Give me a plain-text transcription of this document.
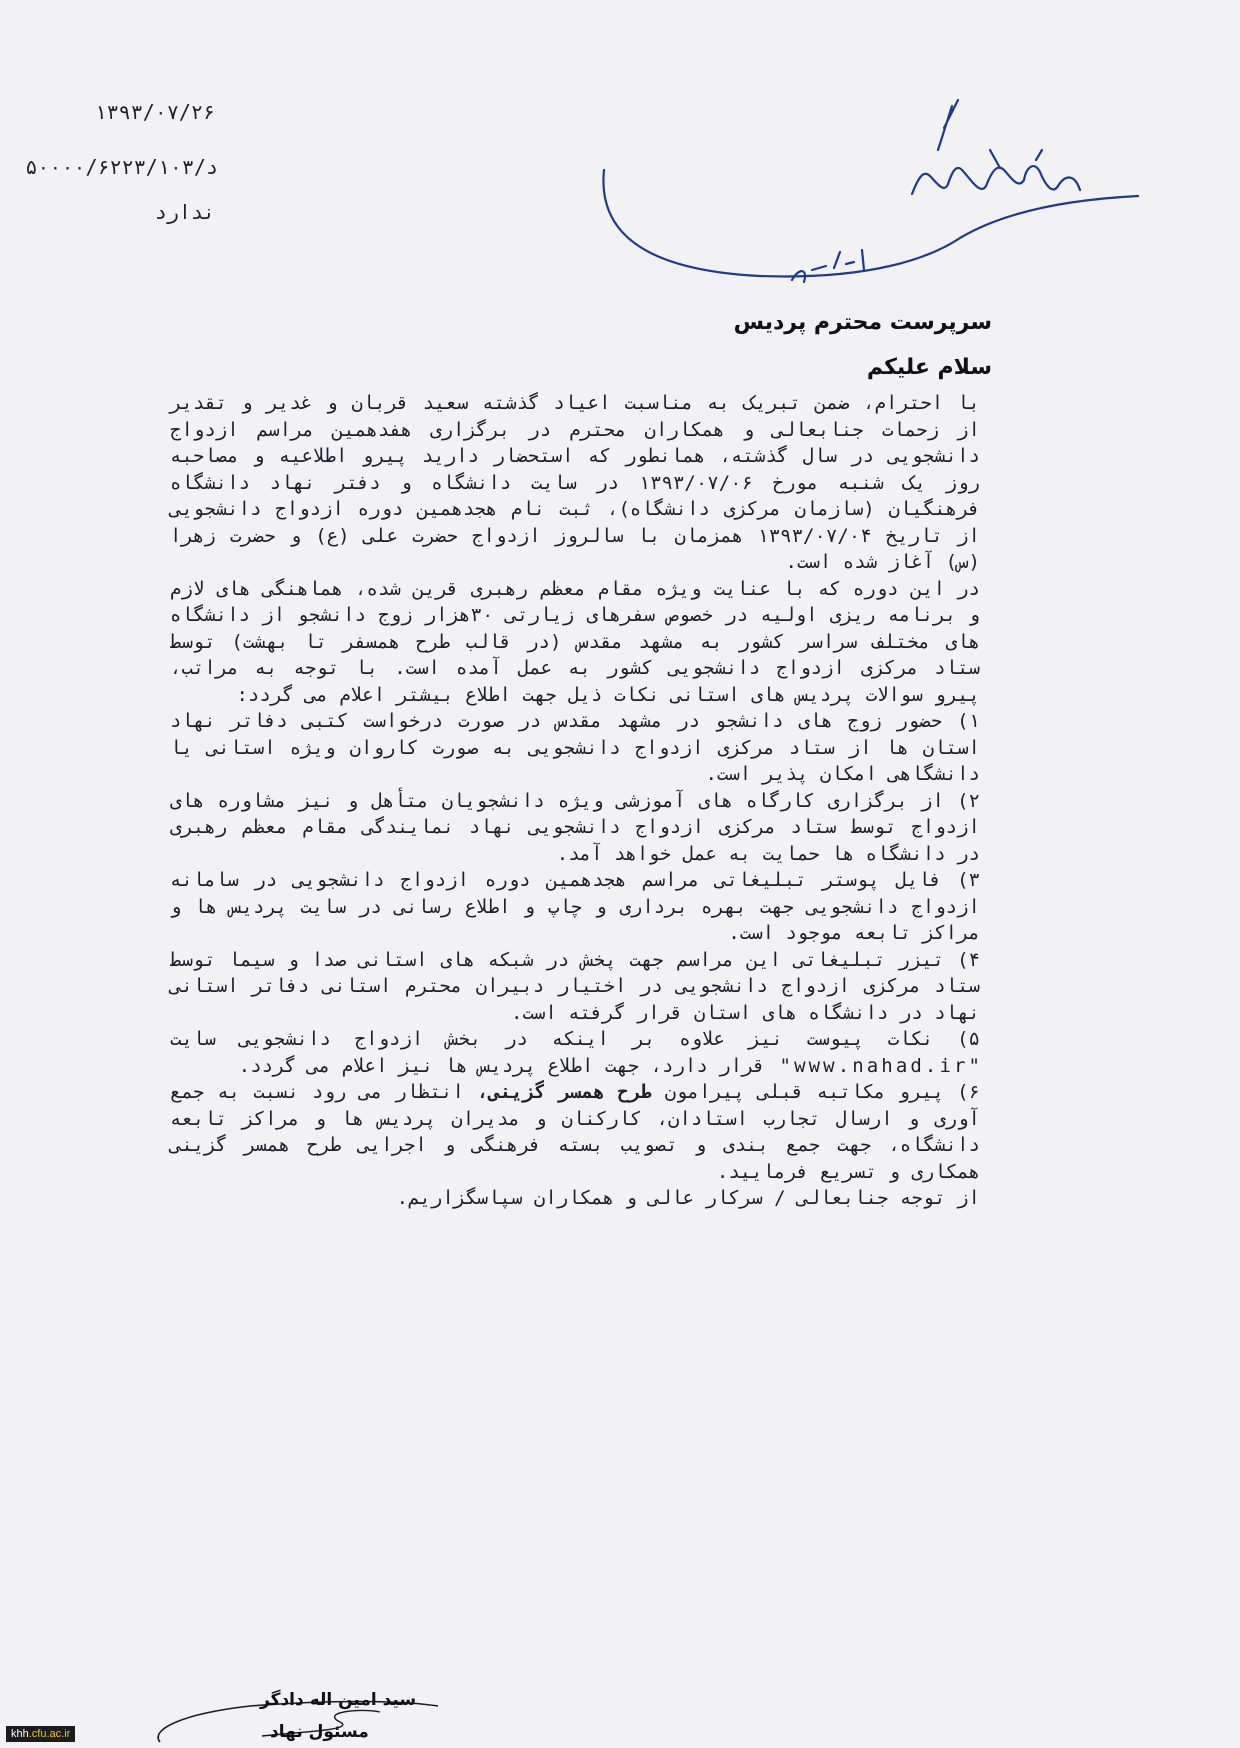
۱۳۹۳/۰۷/۲۶
د/۵۰۰۰۰/۶۲۲۳/۱۰۳
ندارد
سرپرست محترم پردیس
سلام علیکم

با احترام، ضمن تبریک به مناسبت اعیاد گذشته سعید قربان و غدیر و تقدیر از زحمات جنابعالی و همکاران محترم در برگزاری هفدهمین مراسم ازدواج دانشجویی در سال گذشته، همانطور که استحضار دارید پیرو اطلاعیه و مصاحبه روز یک شنبه مورخ ۱۳۹۳/۰۷/۰۶ در سایت دانشگاه و دفتر نهاد دانشگاه فرهنگیان (سازمان مرکزی دانشگاه)، ثبت نام هجدهمین دوره ازدواج دانشجویی از تاریخ ۱۳۹۳/۰۷/۰۴ همزمان با سالروز ازدواج حضرت علی (ع) و حضرت زهرا (س) آغاز شده است.

در این دوره که با عنایت ویژه مقام معظم رهبری قرین شده، هماهنگی های لازم و برنامه ریزی اولیه در خصوص سفرهای زیارتی ۳۰هزار زوج دانشجو از دانشگاه های مختلف سراسر کشور به مشهد مقدس (در قالب طرح همسفر تا بهشت) توسط ستاد مرکزی ازدواج دانشجویی کشور به عمل آمده است. با توجه به مراتب، پیرو سوالات پردیس های استانی نکات ذیل جهت اطلاع بیشتر اعلام می گردد:

۱) حضور زوج های دانشجو در مشهد مقدس در صورت درخواست کتبی دفاتر نهاد استان ها از ستاد مرکزی ازدواج دانشجویی به صورت کاروان ویژه استانی یا دانشگاهی امکان پذیر است.

۲) از برگزاری کارگاه های آموزشی ویژه دانشجویان متأهل و نیز مشاوره های ازدواج توسط ستاد مرکزی ازدواج دانشجویی نهاد نمایندگی مقام معظم رهبری در دانشگاه ها حمایت به عمل خواهد آمد.

۳) فایل پوستر تبلیغاتی مراسم هجدهمین دوره ازدواج دانشجویی در سامانه ازدواج دانشجویی جهت بهره برداری و چاپ و اطلاع رسانی در سایت پردیس ها و مراکز تابعه موجود است.

۴) تیزر تبلیغاتی این مراسم جهت پخش در شبکه های استانی صدا و سیما توسط ستاد مرکزی ازدواج دانشجویی در اختیار دبیران محترم استانی دفاتر استانی نهاد در دانشگاه های استان قرار گرفته است.

۵) نکات پیوست نیز علاوه بر اینکه در بخش ازدواج دانشجویی سایت "www.nahad.ir" قرار دارد، جهت اطلاع پردیس ها نیز اعلام می گردد.

۶) پیرو مکاتبه قبلی پیرامون طرح همسر گزینی، انتظار می رود نسبت به جمع آوری و ارسال تجارب استادان، کارکنان و مدیران پردیس ها و مراکز تابعه دانشگاه، جهت جمع بندی و تصویب بسته فرهنگی و اجرایی طرح همسر گزینی همکاری و تسریع فرمایید.

از توجه جنابعالی / سرکار عالی و همکاران سپاسگزاریم.

سید امین اله دادگر
مسئول نهاد
khh.cfu.ac.ir
